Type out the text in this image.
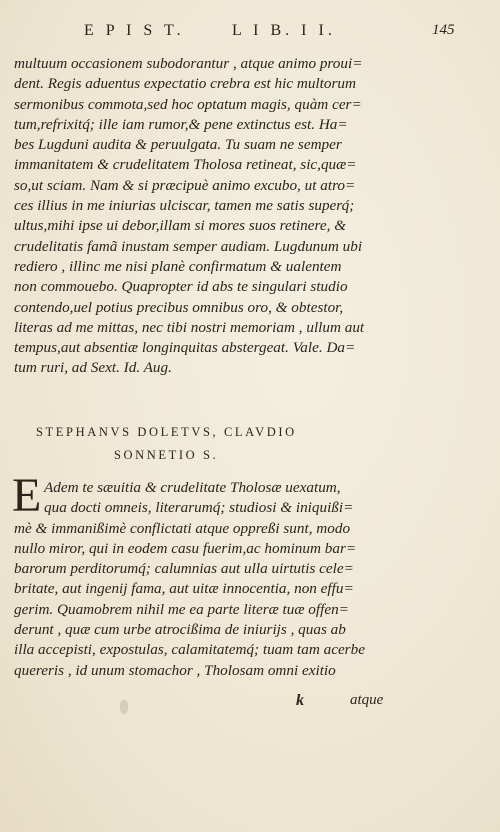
E P I S T.	L I B. I I.	145
multuum occasionem subodorantur , atque animo proui=
dent. Regis aduentus expectatio crebra est hic multorum
sermonibus commota,sed hoc optatum magis, quàm cer=
tum,refrixitq́; ille iam rumor,& pene extinctus est. Ha=
bes Lugduni audita & peruulgata. Tu suam ne semper
immanitatem & crudelitatem Tholosa retineat, sic,quæ=
so,ut sciam. Nam & si præcipuè animo excubo, ut atro=
ces illius in me iniurias ulciscar, tamen me satis superq́;
ultus,mihi ipse ui debor,illam si mores suos retinere, &
crudelitatis famã inustam semper audiam. Lugdunum ubi
rediero , illinc me nisi planè confirmatum & ualentem
non commouebo. Quapropter id abs te singulari studio
contendo,uel potius precibus omnibus oro, & obtestor,
literas ad me mittas, nec tibi nostri memoriam , ullum aut
tempus,aut absentiæ longinquitas abstergeat. Vale. Da=
tum ruri, ad Sext. Id. Aug.
STEPHANVS DOLETVS, CLAVDIO
SONNETIO S.
E Adem te sæuitia & crudelitate Tholosæ uexatum,
qua docti omneis, literarumq́; studiosi & iniquißi=
mè & immanißimè conflictati atque oppreßi sunt, modo
nullo miror, qui in eodem casu fuerim,ac hominum bar=
barorum perditorumq́; calumnias aut ulla uirtutis cele=
britate, aut ingenij fama, aut uitæ innocentia, non effu=
gerim. Quamobrem nihil me ea parte literæ tuæ offen=
derunt , quæ cum urbe atrocißima de iniurijs , quas ab
illa accepisti, expostulas, calamitatemq́; tuam tam acerbe
quereris , id unum stomachor , Tholosam omni exitio
k	atque
